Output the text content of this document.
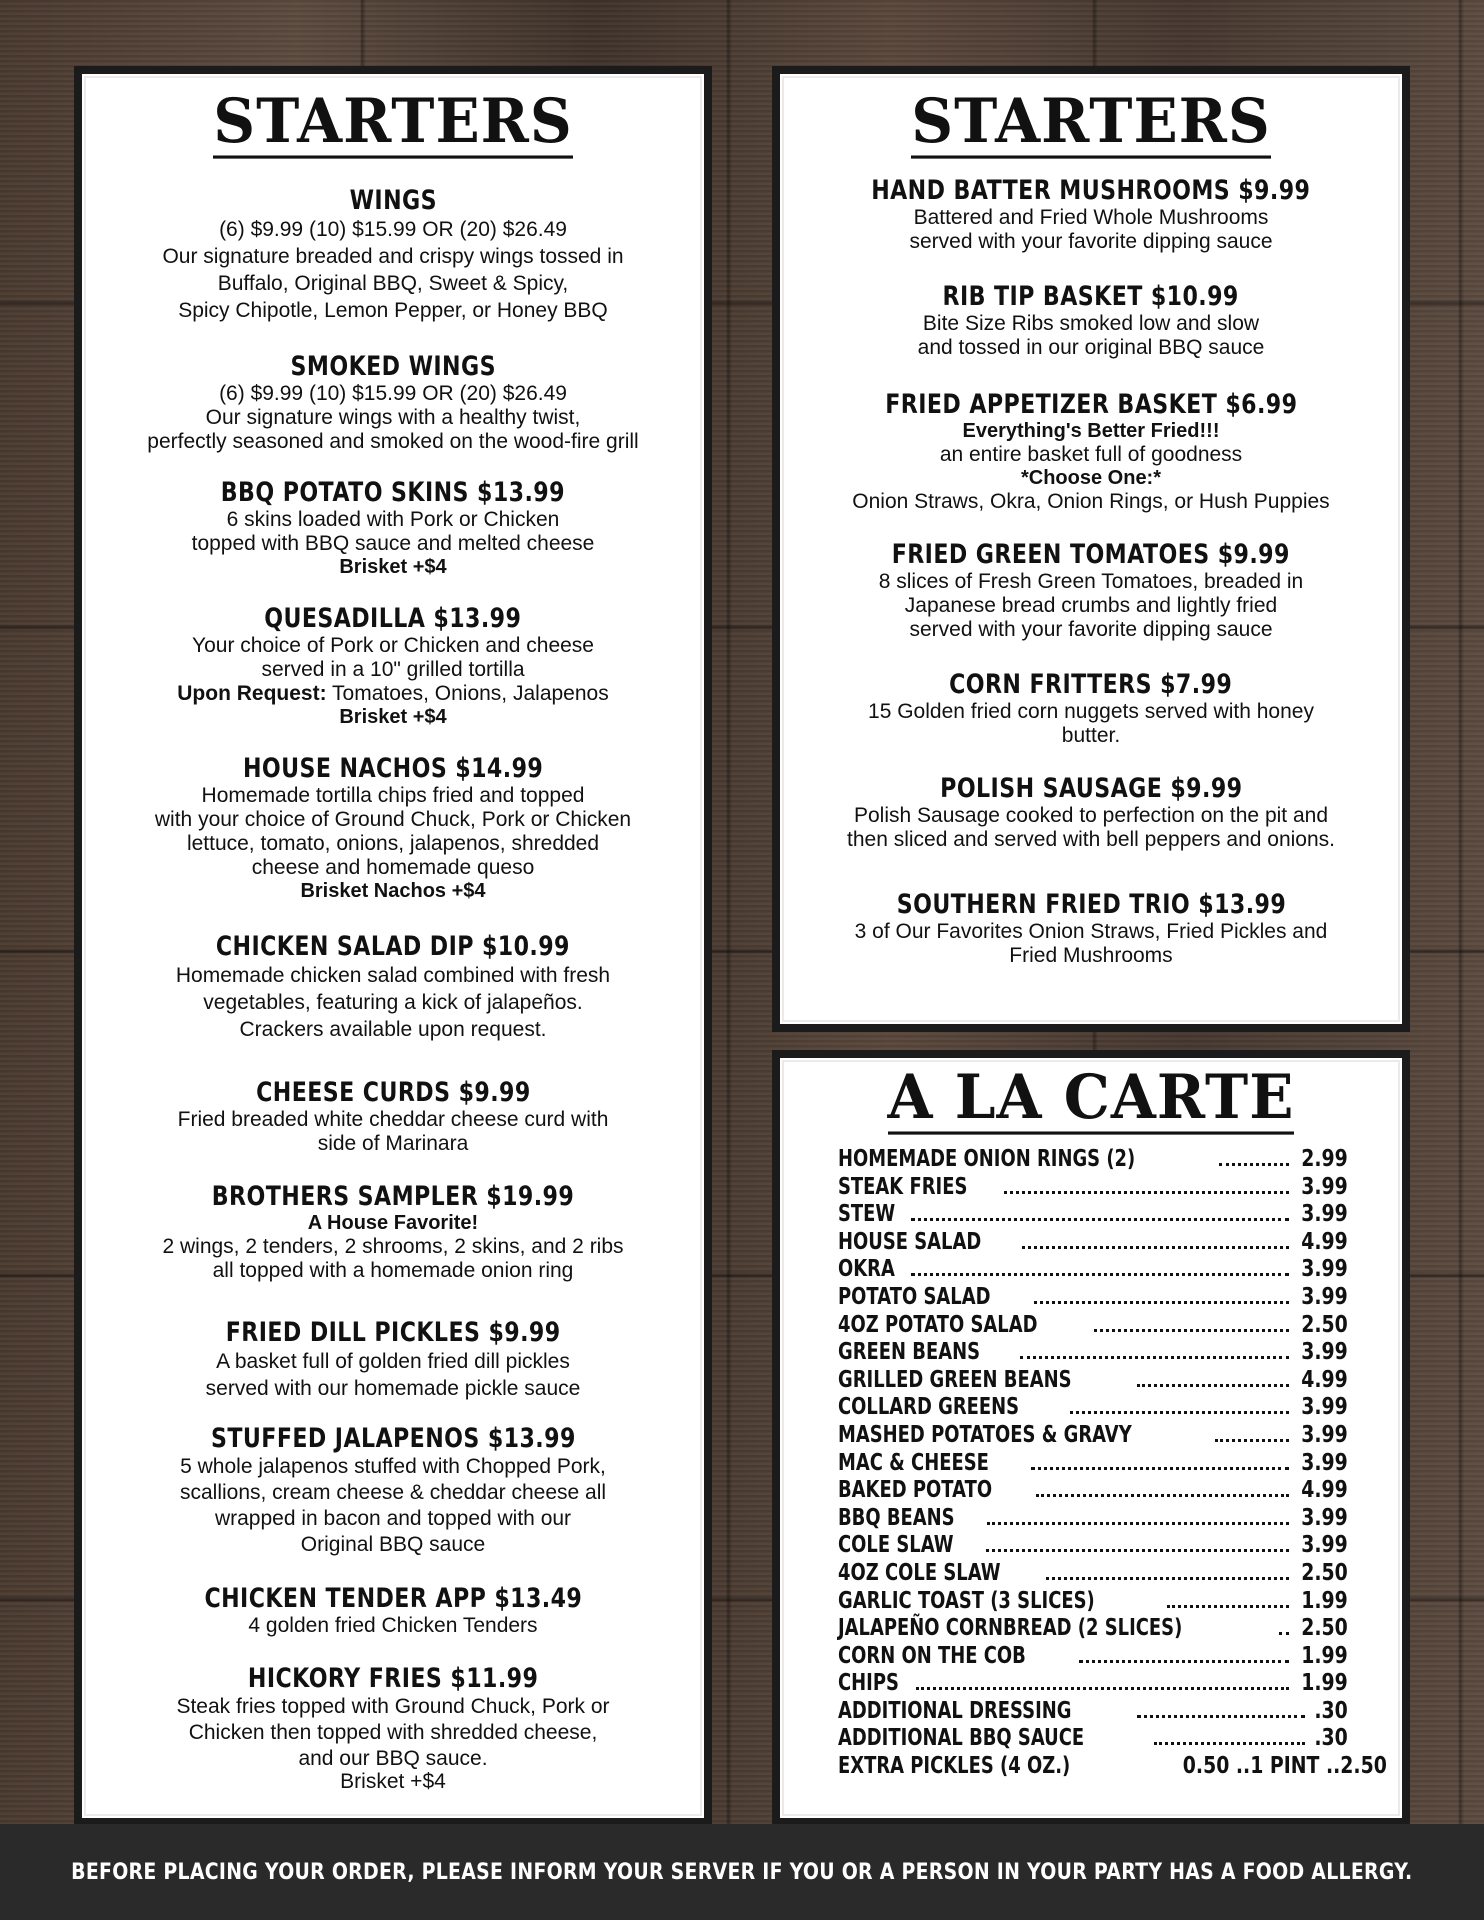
STARTERS
WINGS
(6) $9.99 (10) $15.99 OR (20) $26.49
Our signature breaded and crispy wings tossed in
Buffalo, Original BBQ, Sweet & Spicy,
Spicy Chipotle, Lemon Pepper, or Honey BBQ
SMOKED WINGS
(6) $9.99 (10) $15.99 OR (20) $26.49
Our signature wings with a healthy twist,
perfectly seasoned and smoked on the wood-fire grill
BBQ POTATO SKINS $13.99
6 skins loaded with Pork or Chicken
topped with BBQ sauce and melted cheese
Brisket +$4
QUESADILLA $13.99
Your choice of Pork or Chicken and cheese
served in a 10" grilled tortilla
Upon Request: Tomatoes, Onions, Jalapenos
Brisket +$4
HOUSE NACHOS $14.99
Homemade tortilla chips fried and topped
with your choice of Ground Chuck, Pork or Chicken
lettuce, tomato, onions, jalapenos, shredded
cheese and homemade queso
Brisket Nachos +$4
CHICKEN SALAD DIP $10.99
Homemade chicken salad combined with fresh
vegetables, featuring a kick of jalapeños.
Crackers available upon request.
CHEESE CURDS $9.99
Fried breaded white cheddar cheese curd with
side of Marinara
BROTHERS SAMPLER $19.99
A House Favorite!
2 wings, 2 tenders, 2 shrooms, 2 skins, and 2 ribs
all topped with a homemade onion ring
FRIED DILL PICKLES $9.99
A basket full of golden fried dill pickles
served with our homemade pickle sauce
STUFFED JALAPENOS $13.99
5 whole jalapenos stuffed with Chopped Pork,
scallions, cream cheese & cheddar cheese all
wrapped in bacon and topped with our
Original BBQ sauce
CHICKEN TENDER APP $13.49
4 golden fried Chicken Tenders
HICKORY FRIES $11.99
Steak fries topped with Ground Chuck, Pork or
Chicken then topped with shredded cheese,
and our BBQ sauce.
Brisket +$4
STARTERS
HAND BATTER MUSHROOMS $9.99
Battered and Fried Whole Mushrooms
served with your favorite dipping sauce
RIB TIP BASKET $10.99
Bite Size Ribs smoked low and slow
and tossed in our original BBQ sauce
FRIED APPETIZER BASKET $6.99
Everything's Better Fried!!!
an entire basket full of goodness
*Choose One:*
Onion Straws, Okra, Onion Rings, or Hush Puppies
FRIED GREEN TOMATOES $9.99
8 slices of Fresh Green Tomatoes, breaded in
Japanese bread crumbs and lightly fried
served with your favorite dipping sauce
CORN FRITTERS $7.99
15 Golden fried corn nuggets served with honey
butter.
POLISH SAUSAGE $9.99
Polish Sausage cooked to perfection on the pit and
then sliced and served with bell peppers and onions.
SOUTHERN FRIED TRIO $13.99
3 of Our Favorites Onion Straws, Fried Pickles and
Fried Mushrooms
A LA CARTE
HOMEMADE ONION RINGS (2)	2.99
STEAK FRIES	3.99
STEW	3.99
HOUSE SALAD	4.99
OKRA	3.99
POTATO SALAD	3.99
4OZ POTATO SALAD	2.50
GREEN BEANS	3.99
GRILLED GREEN BEANS	4.99
COLLARD GREENS	3.99
MASHED POTATOES & GRAVY	3.99
MAC & CHEESE	3.99
BAKED POTATO	4.99
BBQ BEANS	3.99
COLE SLAW	3.99
4OZ COLE SLAW	2.50
GARLIC TOAST (3 SLICES)	1.99
JALAPEÑO CORNBREAD (2 SLICES)	2.50
CORN ON THE COB	1.99
CHIPS	1.99
ADDITIONAL DRESSING	.30
ADDITIONAL BBQ SAUCE	.30
EXTRA PICKLES (4 OZ.)	0.50 ..1 PINT ..2.50
BEFORE PLACING YOUR ORDER, PLEASE INFORM YOUR SERVER IF YOU OR A PERSON IN YOUR PARTY HAS A FOOD ALLERGY.
